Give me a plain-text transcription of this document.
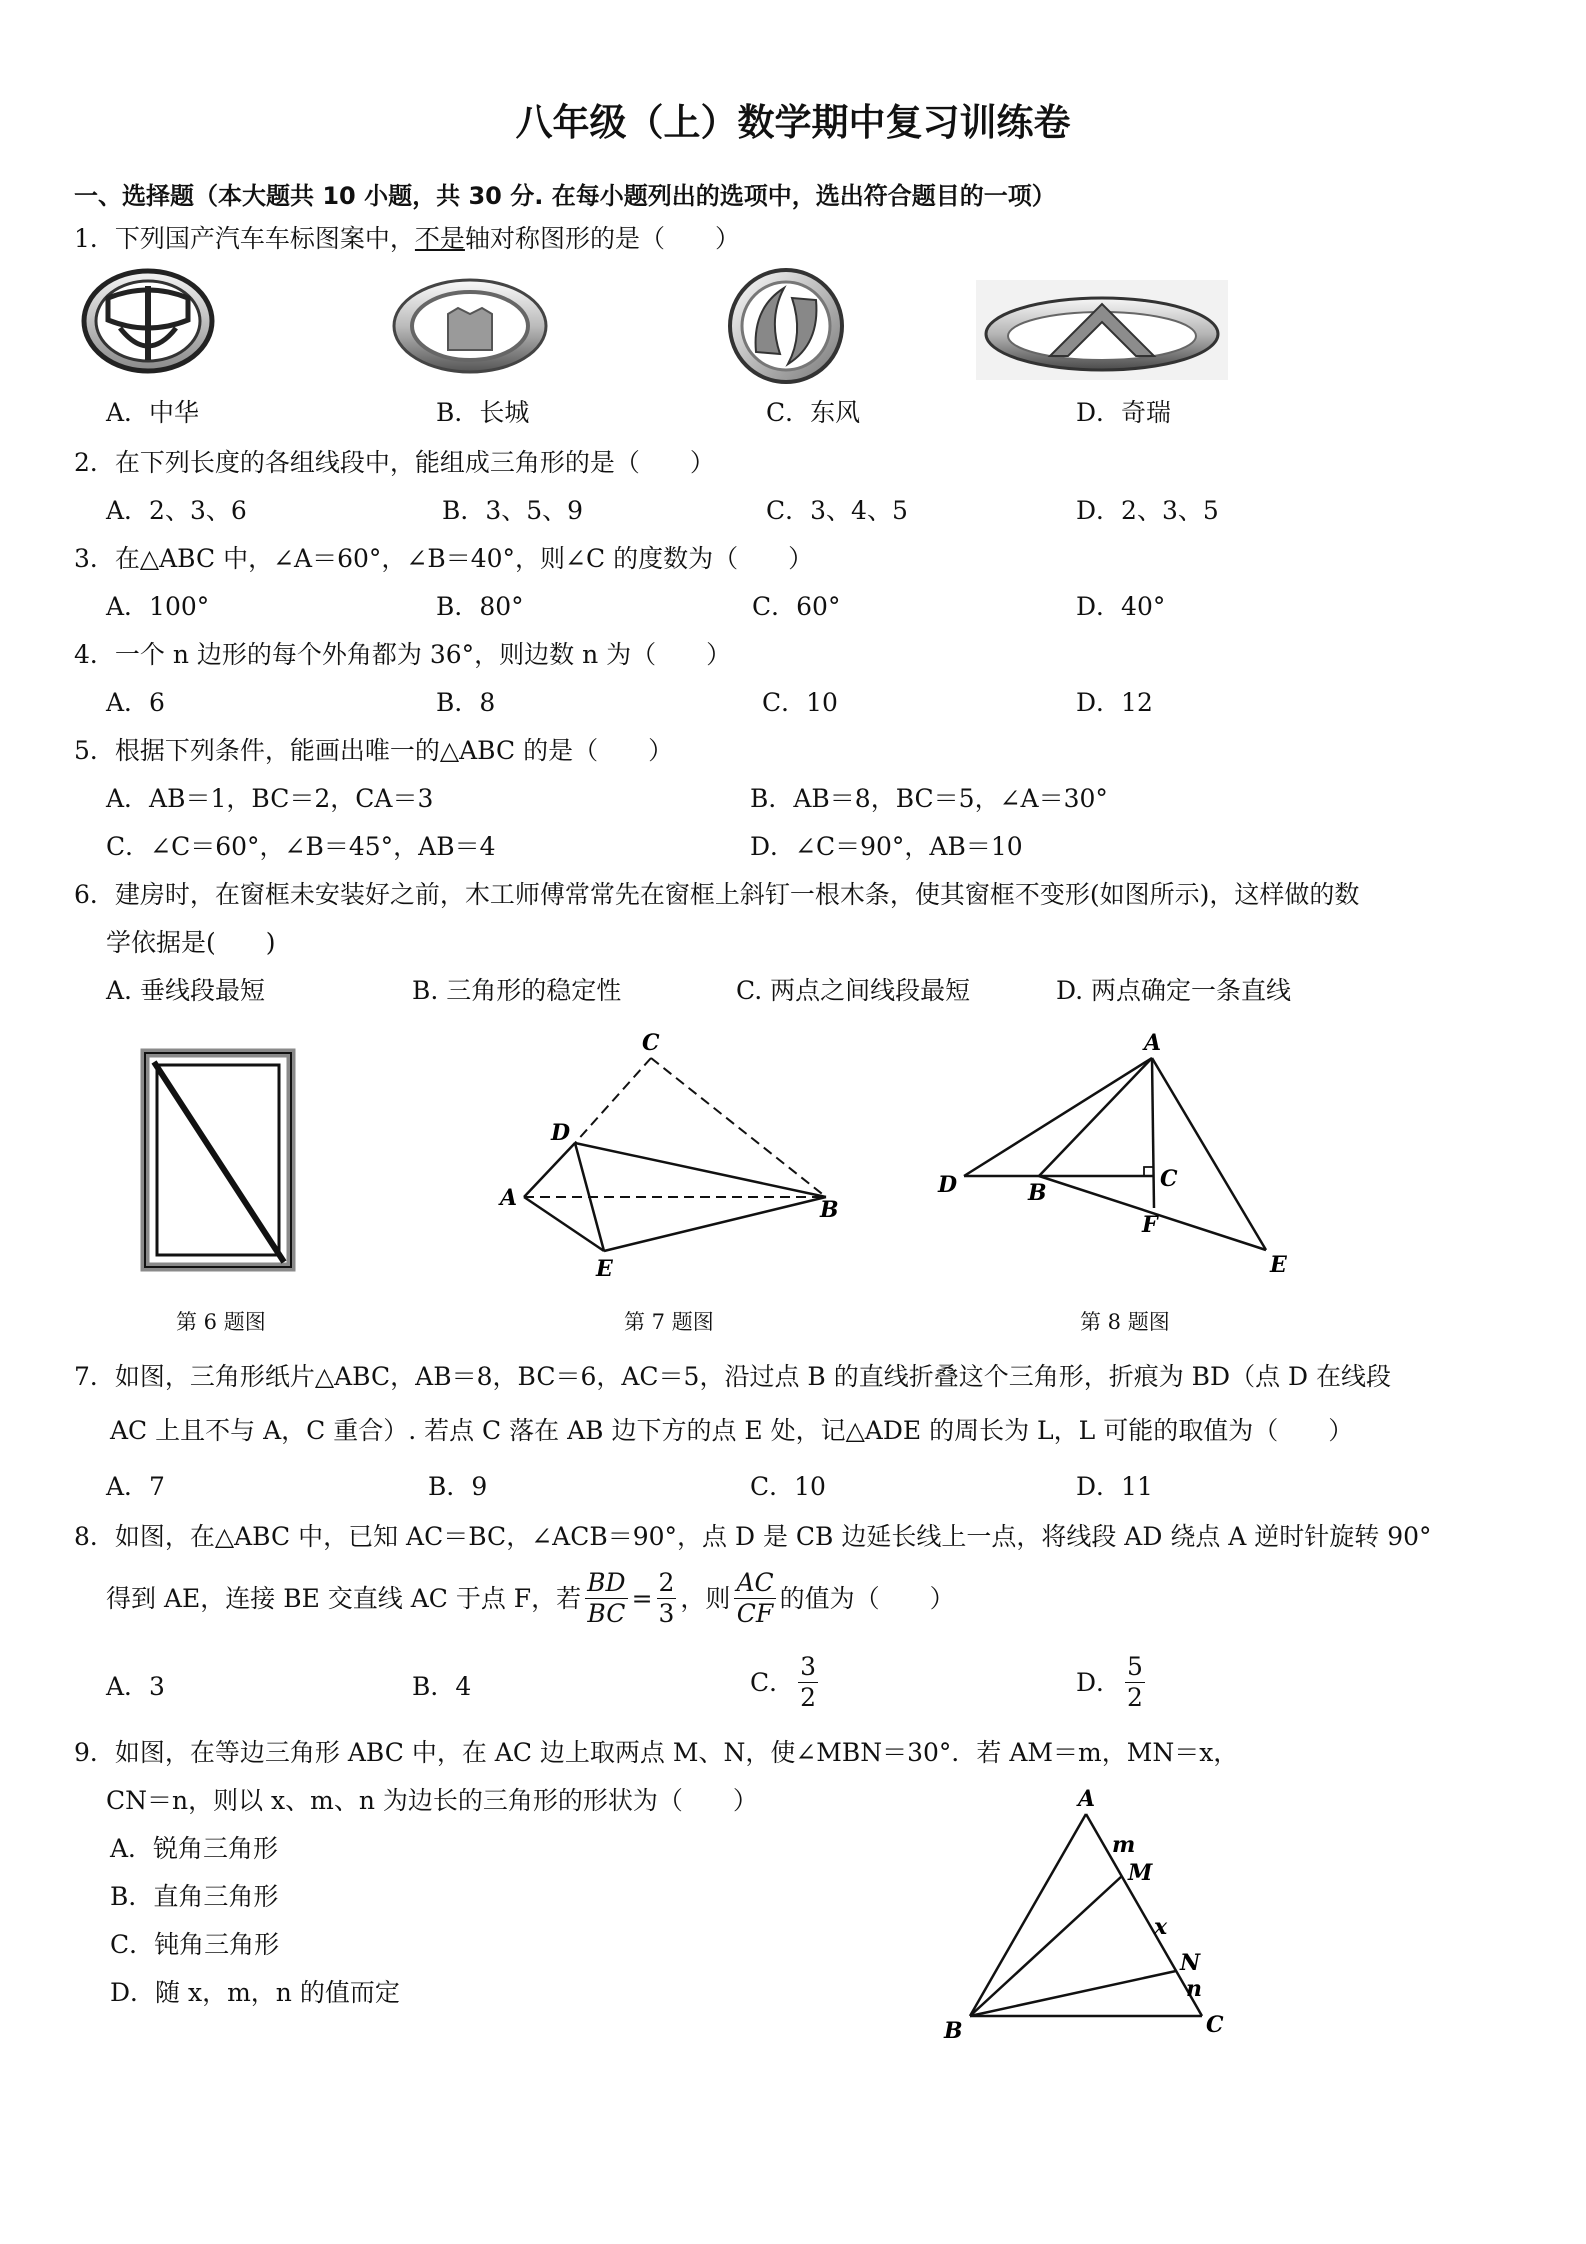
八年级（上）数学期中复习训练卷
一、选择题（本大题共 10 小题，共 30 分. 在每小题列出的选项中，选出符合题目的一项）
1．下列国产汽车车标图案中，不是轴对称图形的是（　　）
A．中华	B．长城	C．东风	D．奇瑞
2．在下列长度的各组线段中，能组成三角形的是（　　）
A．2、3、6	B．3、5、9	C．3、4、5	D．2、3、5
3．在△ABC 中，∠A＝60°，∠B＝40°，则∠C 的度数为（　　）
A．100°	B．80°	C．60°	D．40°
4．一个 n 边形的每个外角都为 36°，则边数 n 为（　　）
A．6	B．8	C．10	D．12
5．根据下列条件，能画出唯一的△ABC 的是（　　）
A．AB＝1，BC＝2，CA＝3	B．AB＝8，BC＝5，∠A＝30°
C．∠C＝60°，∠B＝45°，AB＝4	D．∠C＝90°，AB＝10
6．建房时，在窗框未安装好之前，木工师傅常常先在窗框上斜钉一根木条，使其窗框不变形(如图所示)，这样做的数
学依据是(　　)
A. 垂线段最短	B. 三角形的稳定性	C. 两点之间线段最短	D. 两点确定一条直线
C
D
A	B
E
A
D	B
C
F
E
第 6 题图	第 7 题图	第 8 题图
7．如图，三角形纸片△ABC，AB＝8，BC＝6，AC＝5，沿过点 B 的直线折叠这个三角形，折痕为 BD（点 D 在线段
AC 上且不与 A，C 重合）. 若点 C 落在 AB 边下方的点 E 处，记△ADE 的周长为 L，L 可能的取值为（　　）
A．7	B．9	C．10	D．11
8．如图，在△ABC 中，已知 AC＝BC，∠ACB＝90°，点 D 是 CB 边延长线上一点，将线段 AD 绕点 A 逆时针旋转 90°
得到 AE，连接 BE 交直线 AC 于点 F，若 $\frac{BD}{BC} = \frac{2}{3}$ ，则 $\frac{AC}{CF}$ 的值为（　　）
A．3	B．4	C． $\frac{3}{2}$	D． $\frac{5}{2}$
9．如图，在等边三角形 ABC 中，在 AC 边上取两点 M、N，使∠MBN＝30°．若 AM＝m，MN＝x，
CN＝n，则以 x、m、n 为边长的三角形的形状为（　　）
A．锐角三角形
B．直角三角形
C．钝角三角形
D．随 x，m，n 的值而定
A
m
M
x
N
n
B	C
